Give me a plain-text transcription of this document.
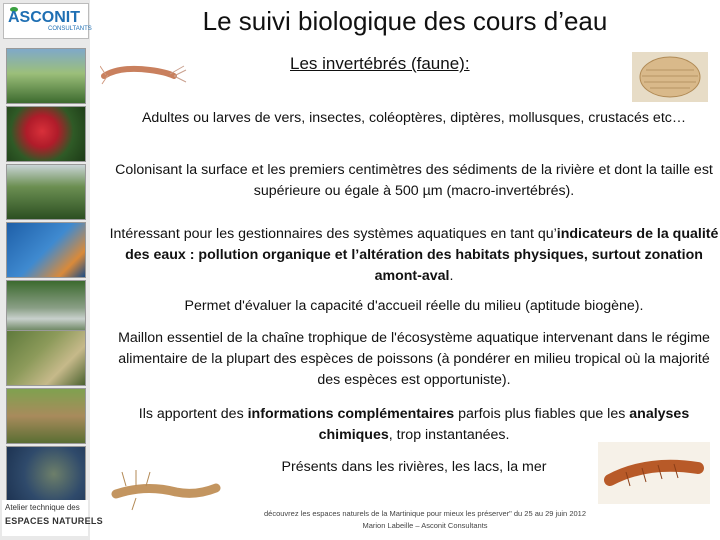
ASCONIT
CONSULTANTS
Atelier technique des
ESPACES NATURELS
Le suivi biologique des cours d’eau
Les invertébrés (faune):
Adultes ou larves de vers, insectes, coléoptères, diptères, mollusques, crustacés etc…
Colonisant la surface et les premiers centimètres des sédiments de la rivière et dont la taille est supérieure ou égale à 500 µm (macro-invertébrés).
Intéressant pour les gestionnaires des systèmes aquatiques en tant qu’indicateurs de la qualité des eaux : pollution organique et l’altération des habitats physiques, surtout zonation amont-aval.
Permet d'évaluer la capacité d'accueil réelle du milieu (aptitude biogène).
Maillon essentiel de la chaîne trophique de l'écosystème aquatique intervenant dans le régime alimentaire de la plupart des espèces de poissons (à pondérer en milieu tropical où la majorité des espèces est opportuniste).
Ils apportent des informations complémentaires parfois plus fiables que les analyses chimiques, trop instantanées.
Présents dans les rivières, les lacs, la mer
découvrez les espaces naturels de la Martinique pour mieux les préserver" du 25 au 29 juin 2012
Marion Labeille – Asconit Consultants
